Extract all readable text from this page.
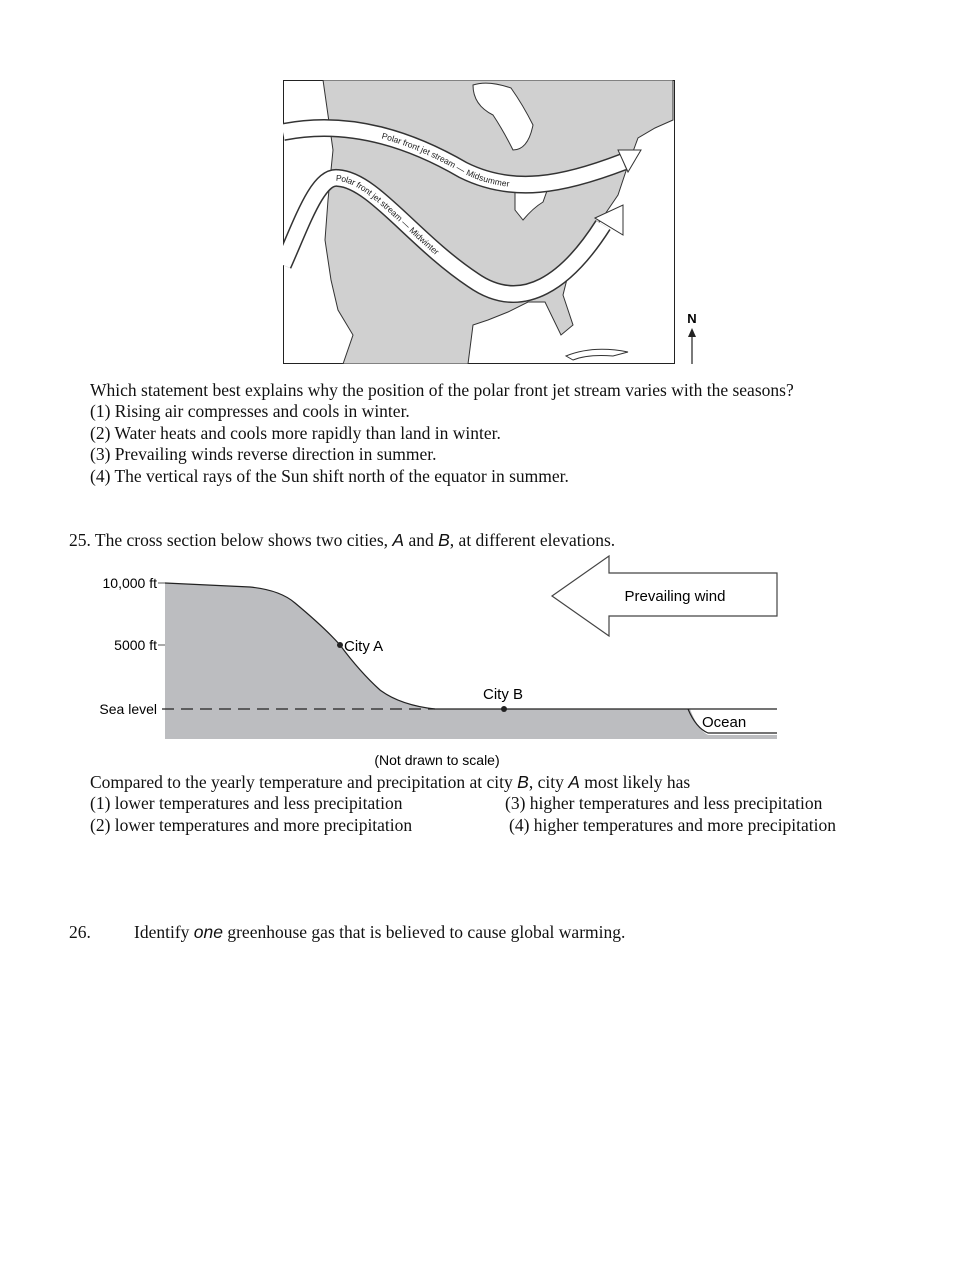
Polar front jet stream — Midsummer
Polar front jet stream — Midwinter
N
Which statement best explains why the position of the polar front jet stream varies with the seasons?
(1) Rising air compresses and cools in winter.
(2) Water heats and cools more rapidly than land in winter.
(3) Prevailing winds reverse direction in summer.
(4) The vertical rays of the Sun shift north of the equator in summer.
25. The cross section below shows two cities, A and B, at different elevations.
10,000 ft
5000 ft
Sea level
City A
City B
Ocean
Prevailing wind
(Not drawn to scale)
Compared to the yearly temperature and precipitation at city B, city A most likely has
(1) lower temperatures and less precipitation
(2) lower temperatures and more precipitation
(3) higher temperatures and less precipitation
(4) higher temperatures and more precipitation
26. Identify one greenhouse gas that is believed to cause global warming.
